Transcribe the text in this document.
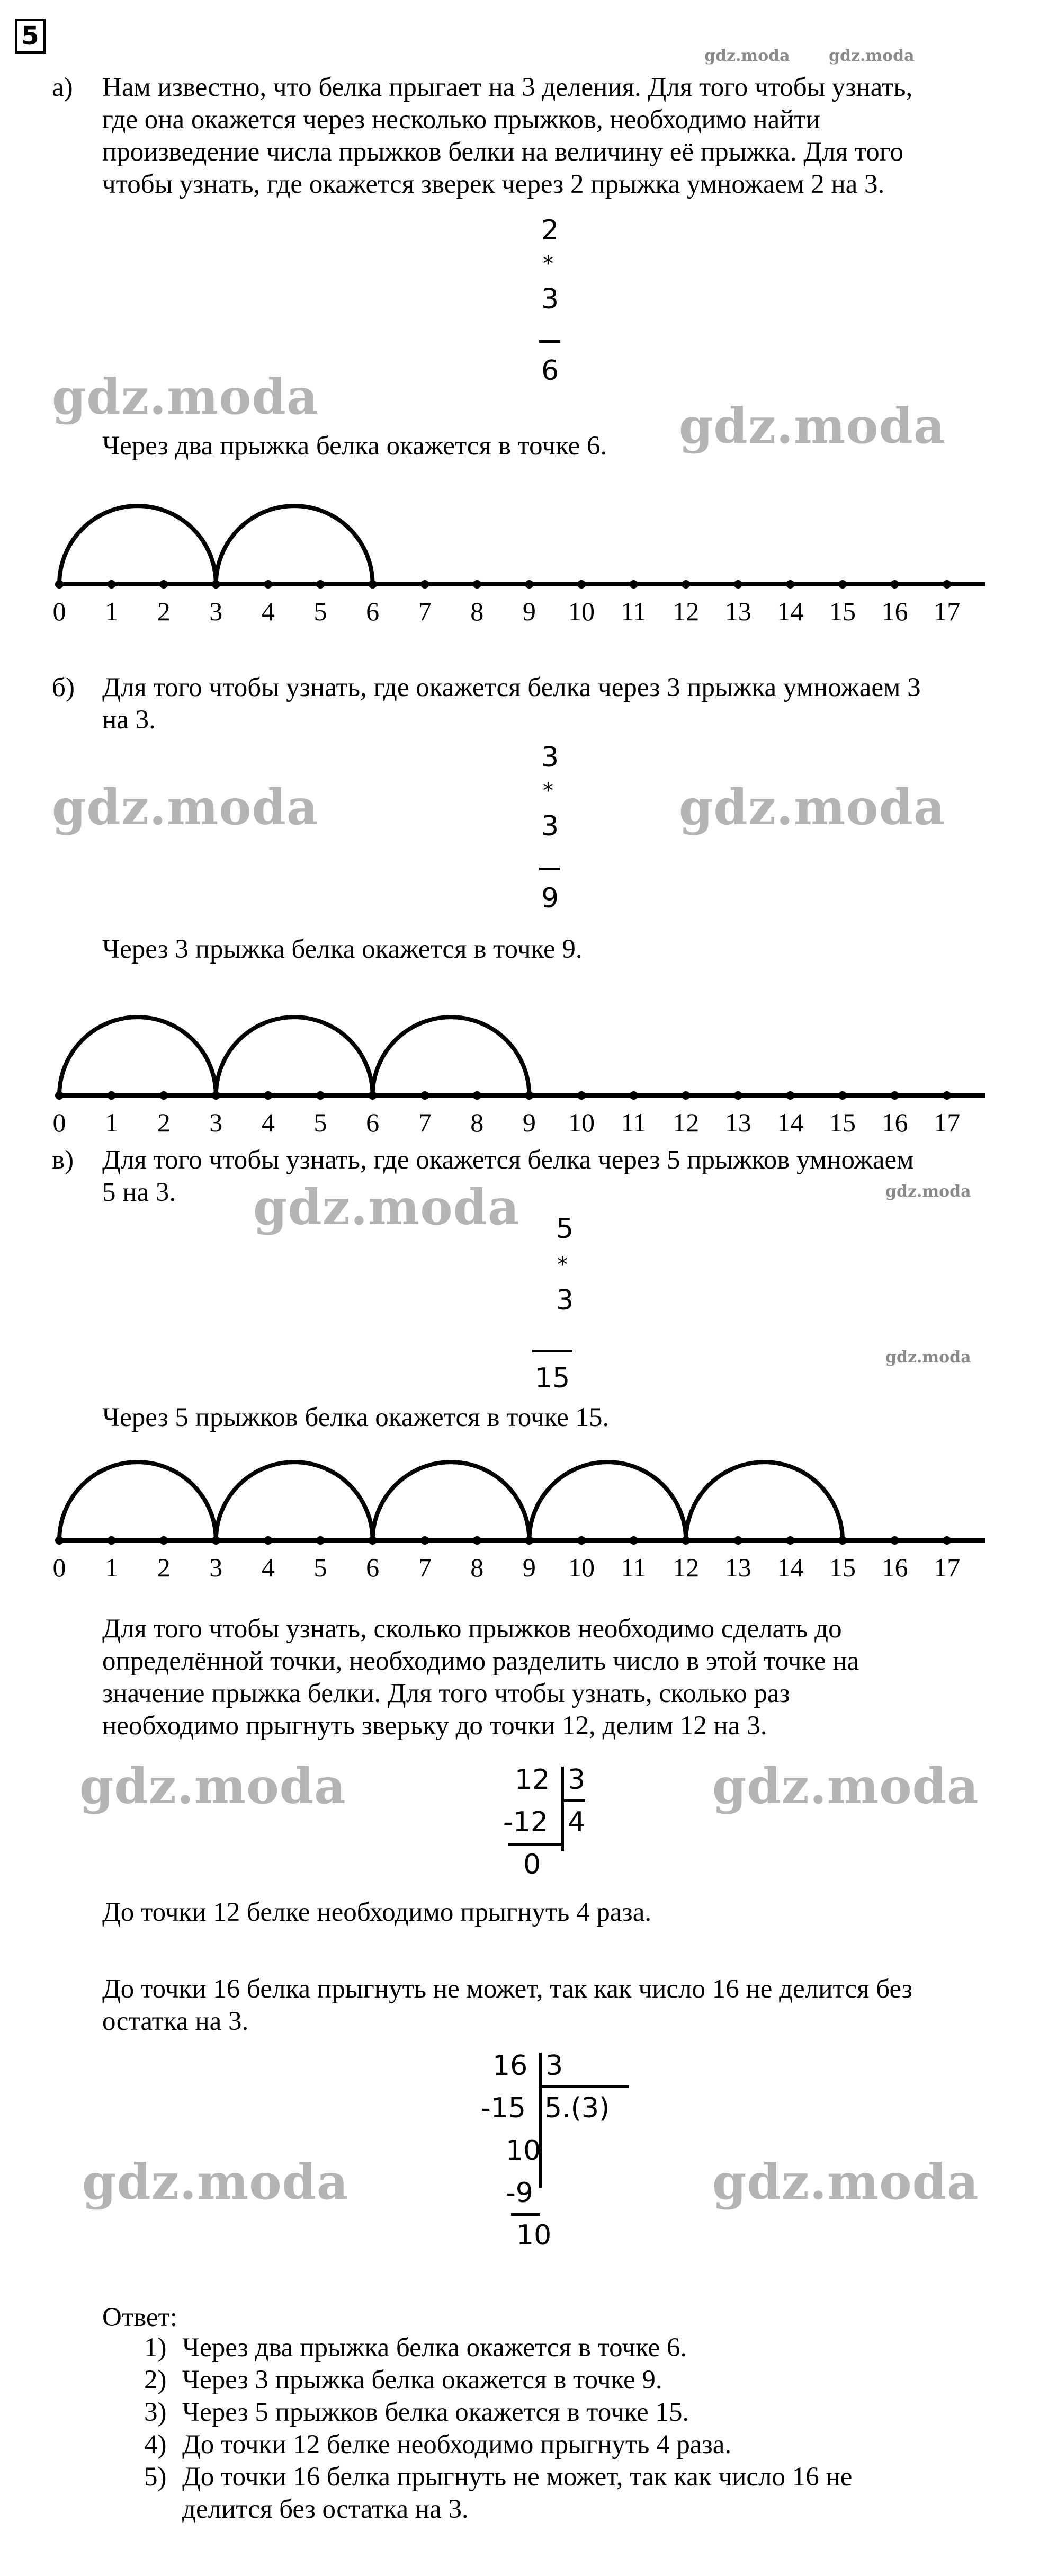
5
gdz.moda gdz.moda
а) Нам известно, что белка прыгает на 3 деления. Для того чтобы узнать,
где она окажется через несколько прыжков, необходимо найти
произведение числа прыжков белки на величину её прыжка. Для того
чтобы узнать, где окажется зверек через 2 прыжка умножаем 2 на 3.
2
*
3
6
gdz.moda
gdz.moda
Через два прыжка белка окажется в точке 6.
0 1 2 3 4 5 6 7 8 9 10 11 12 13 14 15 16 17
б) Для того чтобы узнать, где окажется белка через 3 прыжка умножаем 3
на 3.
3
*
3
9
gdz.moda	gdz.moda
Через 3 прыжка белка окажется в точке 9.
0 1 2 3 4 5 6 7 8 9 10 11 12 13 14 15 16 17
в) Для того чтобы узнать, где окажется белка через 5 прыжков умножаем
5 на 3.	gdz.moda
gdz.moda 5
*
3
15
gdz.moda
Через 5 прыжков белка окажется в точке 15.
0 1 2 3 4 5 6 7 8 9 10 11 12 13 14 15 16 17
Для того чтобы узнать, сколько прыжков необходимо сделать до
определённой точки, необходимо разделить число в этой точке на
значение прыжка белки. Для того чтобы узнать, сколько раз
необходимо прыгнуть зверьку до точки 12, делим 12 на 3.
gdz.moda	gdz.moda
12 3
-12 4
0
До точки 12 белке необходимо прыгнуть 4 раза.
До точки 16 белка прыгнуть не может, так как число 16 не делится без
остатка на 3.
16 3
-15 5.(3)
10
-9
10
gdz.moda	gdz.moda
Ответ:
1) Через два прыжка белка окажется в точке 6.
2) Через 3 прыжка белка окажется в точке 9.
3) Через 5 прыжков белка окажется в точке 15.
4) До точки 12 белке необходимо прыгнуть 4 раза.
5) До точки 16 белка прыгнуть не может, так как число 16 не
делится без остатка на 3.
